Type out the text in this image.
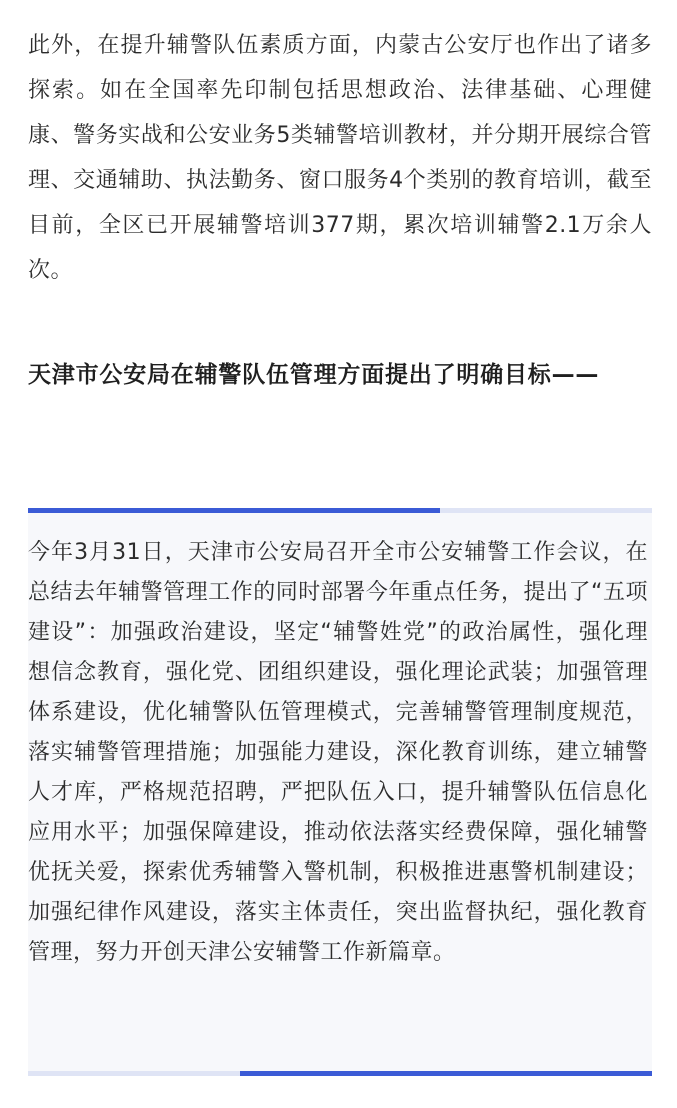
此外，在提升辅警队伍素质方面，内蒙古公安厅也作出了诸多探索。如在全国率先印制包括思想政治、法律基础、心理健康、警务实战和公安业务5类辅警培训教材，并分期开展综合管理、交通辅助、执法勤务、窗口服务4个类别的教育培训，截至目前，全区已开展辅警培训377期，累次培训辅警2.1万余人次。

天津市公安局在辅警队伍管理方面提出了明确目标——

今年3月31日，天津市公安局召开全市公安辅警工作会议，在总结去年辅警管理工作的同时部署今年重点任务，提出了“五项建设”：加强政治建设，坚定“辅警姓党”的政治属性，强化理想信念教育，强化党、团组织建设，强化理论武装；加强管理体系建设，优化辅警队伍管理模式，完善辅警管理制度规范，落实辅警管理措施；加强能力建设，深化教育训练，建立辅警人才库，严格规范招聘，严把队伍入口，提升辅警队伍信息化应用水平；加强保障建设，推动依法落实经费保障，强化辅警优抚关爱，探索优秀辅警入警机制，积极推进惠警机制建设；加强纪律作风建设，落实主体责任，突出监督执纪，强化教育管理，努力开创天津公安辅警工作新篇章。
